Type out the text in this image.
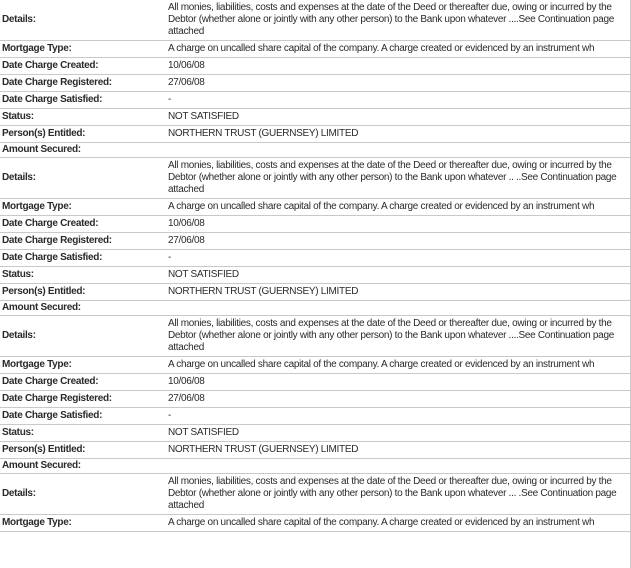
Details:	All monies, liabilities, costs and expenses at the date of the Deed or thereafter due, owing or incurred by the Debtor (whether alone or jointly with any other person) to the Bank upon whatever ....See Continuation page attached
Mortgage Type:	A charge on uncalled share capital of the company. A charge created or evidenced by an instrument wh
Date Charge Created:	10/06/08
Date Charge Registered:	27/06/08
Date Charge Satisfied:	-
Status:	NOT SATISFIED
Person(s) Entitled:	NORTHERN TRUST (GUERNSEY) LIMITED
Amount Secured:	
Details:	All monies, liabilities, costs and expenses at the date of the Deed or thereafter due, owing or incurred by the Debtor (whether alone or jointly with any other person) to the Bank upon whatever .. ..See Continuation page attached
Mortgage Type:	A charge on uncalled share capital of the company. A charge created or evidenced by an instrument wh
Date Charge Created:	10/06/08
Date Charge Registered:	27/06/08
Date Charge Satisfied:	-
Status:	NOT SATISFIED
Person(s) Entitled:	NORTHERN TRUST (GUERNSEY) LIMITED
Amount Secured:	
Details:	All monies, liabilities, costs and expenses at the date of the Deed or thereafter due, owing or incurred by the Debtor (whether alone or jointly with any other person) to the Bank upon whatever ....See Continuation page attached
Mortgage Type:	A charge on uncalled share capital of the company. A charge created or evidenced by an instrument wh
Date Charge Created:	10/06/08
Date Charge Registered:	27/06/08
Date Charge Satisfied:	-
Status:	NOT SATISFIED
Person(s) Entitled:	NORTHERN TRUST (GUERNSEY) LIMITED
Amount Secured:	
Details:	All monies, liabilities, costs and expenses at the date of the Deed or thereafter due, owing or incurred by the Debtor (whether alone or jointly with any other person) to the Bank upon whatever ... .See Continuation page attached
Mortgage Type:	A charge on uncalled share capital of the company. A charge created or evidenced by an instrument wh
